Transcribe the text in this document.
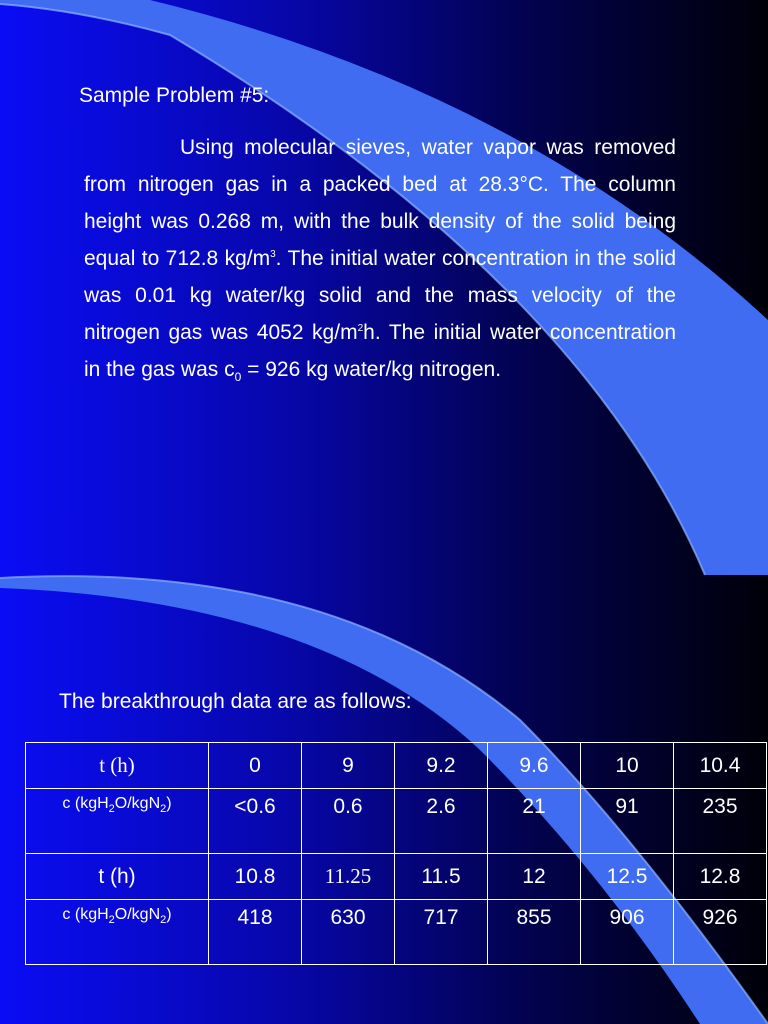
Sample Problem #5:
Using molecular sieves, water vapor was removed from nitrogen gas in a packed bed at 28.3°C. The column height was 0.268 m, with the bulk density of the solid being equal to 712.8 $kg/m^3$. The initial water concentration in the solid was 0.01 kg water/kg solid and the mass velocity of the nitrogen gas was 4052 $kg/m^2h$. The initial water concentration in the gas was $c_0 = 926$ kg water/kg nitrogen.
The breakthrough data are as follows:
t (h)	0	9	9.2	9.6	10	10.4
c (kgH$_2$O/kgN$_2$)	<0.6	0.6	2.6	21	91	235
t (h)	10.8	11.25	11.5	12	12.5	12.8
c (kgH$_2$O/kgN$_2$)	418	630	717	855	906	926
